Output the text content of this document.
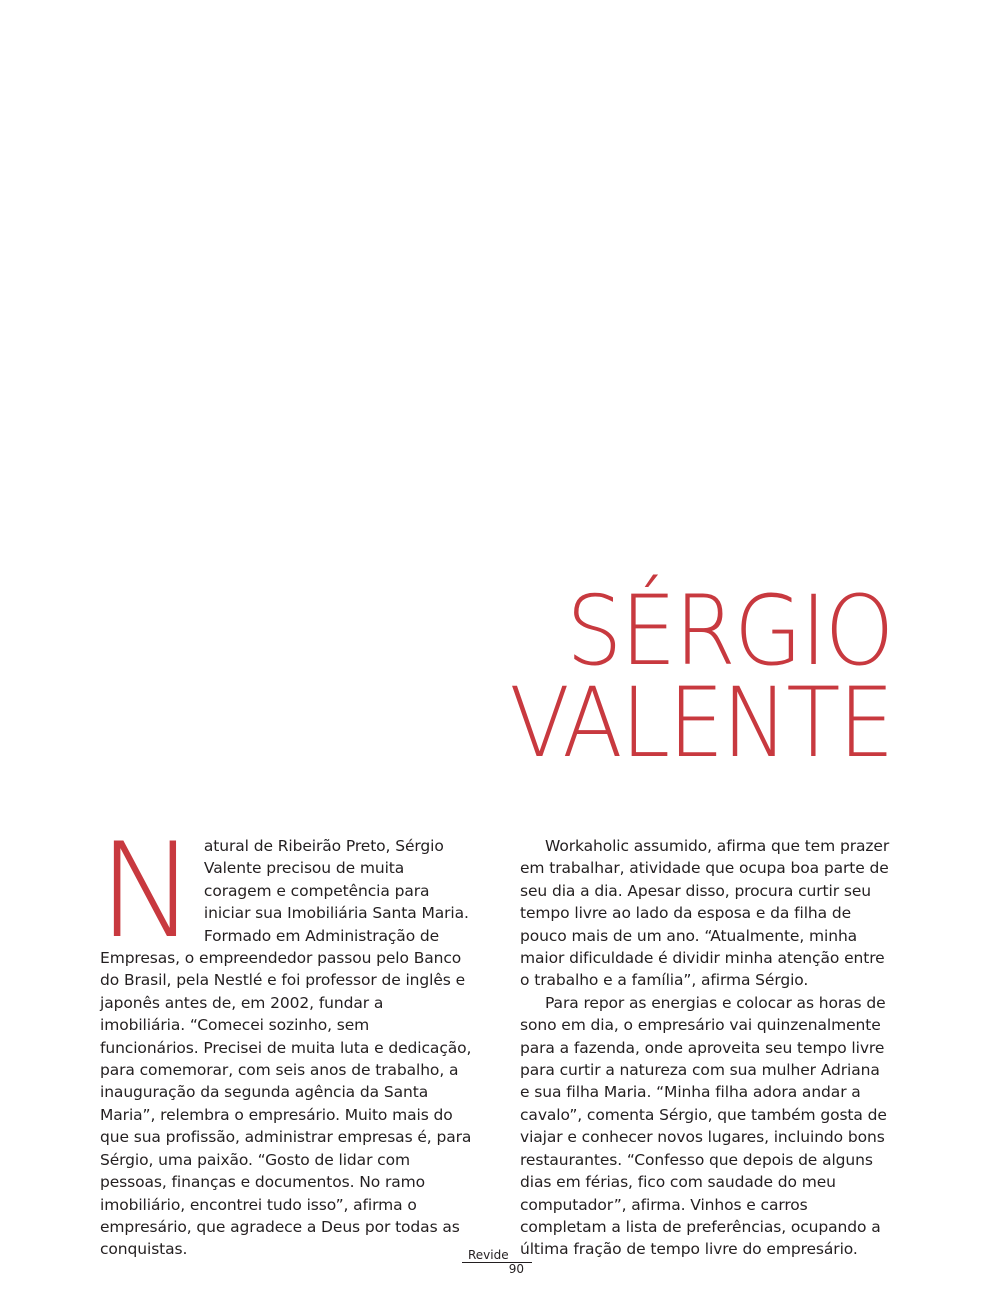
SÉRGIO
VALENTE

Natural de Ribeirão Preto, Sérgio Valente precisou de muita coragem e competência para iniciar sua Imobiliária Santa Maria. Formado em Administração de Empresas, o empreendedor passou pelo Banco do Brasil, pela Nestlé e foi professor de inglês e japonês antes de, em 2002, fundar a imobiliária. “Comecei sozinho, sem funcionários. Precisei de muita luta e dedicação, para comemorar, com seis anos de trabalho, a inauguração da segunda agência da Santa Maria”, relembra o empresário. Muito mais do que sua profissão, administrar empresas é, para Sérgio, uma paixão. “Gosto de lidar com pessoas, finanças e documentos. No ramo imobiliário, encontrei tudo isso”, afirma o empresário, que agradece a Deus por todas as conquistas.

Workaholic assumido, afirma que tem prazer em trabalhar, atividade que ocupa boa parte de seu dia a dia. Apesar disso, procura curtir seu tempo livre ao lado da esposa e da filha de pouco mais de um ano. “Atualmente, minha maior dificuldade é dividir minha atenção entre o trabalho e a família”, afirma Sérgio.

Para repor as energias e colocar as horas de sono em dia, o empresário vai quinzenalmente para a fazenda, onde aproveita seu tempo livre para curtir a natureza com sua mulher Adriana e sua filha Maria. “Minha filha adora andar a cavalo”, comenta Sérgio, que também gosta de viajar e conhecer novos lugares, incluindo bons restaurantes. “Confesso que depois de alguns dias em férias, fico com saudade do meu computador”, afirma. Vinhos e carros completam a lista de preferências, ocupando a última fração de tempo livre do empresário.

Revide
90
